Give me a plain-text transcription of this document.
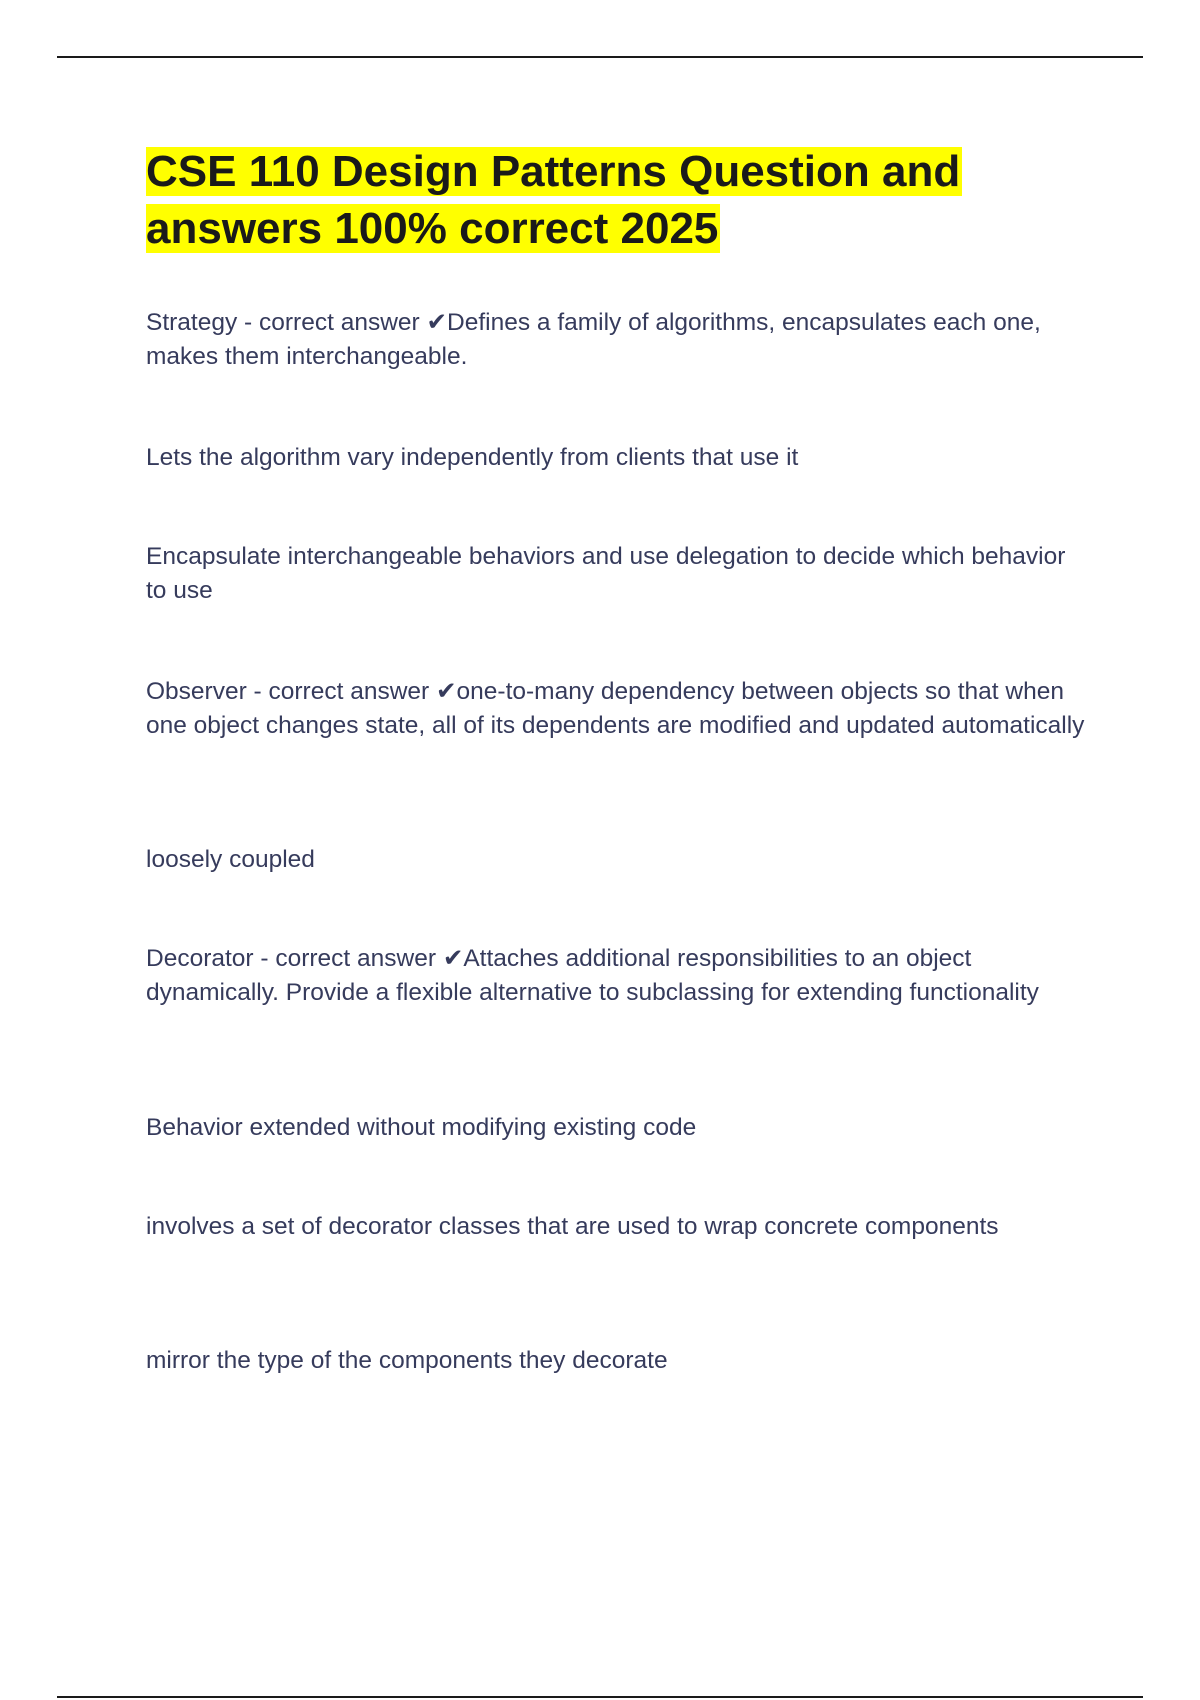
CSE 110 Design Patterns Question and answers 100% correct 2025

Strategy - correct answer ✔Defines a family of algorithms, encapsulates each one, makes them interchangeable.

Lets the algorithm vary independently from clients that use it

Encapsulate interchangeable behaviors and use delegation to decide which behavior to use

Observer - correct answer ✔one-to-many dependency between objects so that when one object changes state, all of its dependents are modified and updated automatically

loosely coupled

Decorator - correct answer ✔Attaches additional responsibilities to an object dynamically. Provide a flexible alternative to subclassing for extending functionality

Behavior extended without modifying existing code

involves a set of decorator classes that are used to wrap concrete components

mirror the type of the components they decorate
